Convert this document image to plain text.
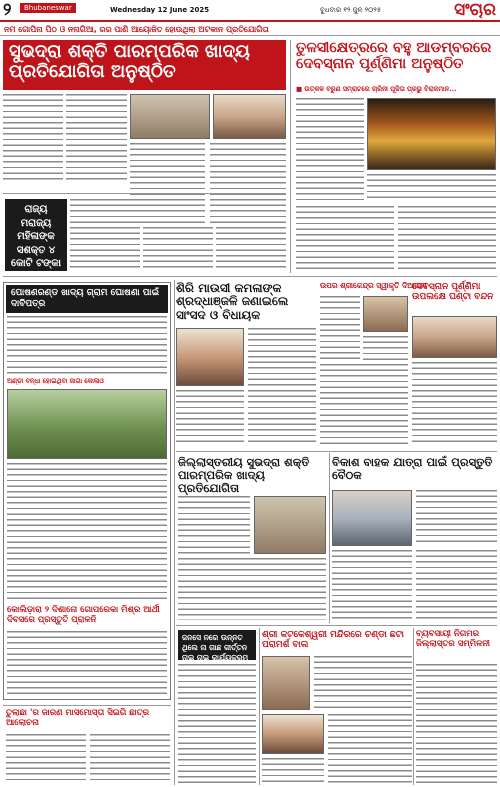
୨	Bhubaneswar	Wednesday 12 June 2025	ବୁଧବାର ୧୨ ଜୁନ ୨୦୨୫	ସଂଚାର
ନମ ଗୋପିନା ପିଠ ଓ ନନାଗିଆ, ରର ପାଣି ଆୟୋଜିତ ହୋଉଥିଲା ଅଟକାନ ପ୍ରତିଯୋଗିତା
ସୁଭଦ୍ରା ଶକ୍ତି ପାରମ୍ପରିକ ଖାଦ୍ୟ ପ୍ରତିଯୋଗିତା ଅନୁଷ୍ଠିତ
ରାଜ୍ୟ ମରାଜ୍ୟ ମହିଳାଙ୍କ ସଶକ୍ତ ୪ କୋଟି ଟଙ୍କା
ତୁଳସୀକ୍ଷେତ୍ରରେ ବହୁ ଆଡମ୍ବରରେ ଦେବସ୍ନାନ ପୂର୍ଣ୍ଣିମା ଅନୁଷ୍ଠିତ
■ ଉତ୍କଳ ବରୁଣ ସମ୍ରାଟରେ ଚାରିନୀ ପୂଜିତା ପ୍ରଭୁ ବିରାଜମାନ...
ପୋଷଣରଣ୍ଡ ଖାଦ୍ୟ ଗ୍ରାମ ଘୋଷଣା ପାଇଁ ଦାବିପତ୍ର
ଅଣ୍ଡା ବନ୍ଧା ହୋଇଥିବା ଜାଗା କୋଳାଓ
କୋଲିଡ଼ାରା ୨ ଦିଶାନୋ ଗୋପରେକା ମିଶ୍ର ଆର୍ଥୀ ଦିବସରେ ପ୍ରସ୍ତୁତି ପ୍ରାଳନି
ତୁଲାଛା 'ର ଜାରଣ ମାସମୋସ୍ତା ସିଇଗି ଛାତ୍ର ଆଲୋଚନା
ଶିରି ମାଉସୀ କମଳାଙ୍କ ଶ୍ରଦ୍ଧାଞ୍ଜଳି ଜଣାଇଲେ ସାଂସଦ ଓ ବିଧାୟକ
ଉପର ଶ୍ରୀକେନ୍ଦ୍ର ସ୍ୱୀକୃତି ଦିଆଗଲା
ଦେବସ୍ନାନ ପୂର୍ଣ୍ଣିମା ଉପଲକ୍ଷେ ଘଣ୍ଟା ବନ୍ଦନ
ଜିଲ୍ଲାସ୍ତରୀୟ ସୁଭଦ୍ରା ଶକ୍ତି ପାରମ୍ପରିକ ଖାଦ୍ୟ ପ୍ରତିଯୋଗିତା
ବିକାଶ ବାହକ ଯାତ୍ରା ପାଇଁ ପ୍ରସ୍ତୁତି ବୈଠକ
ଜନସେ ନରେ ଉନ୍ନତ ଥିଲେ ନା ଗାଛ କୀର୍ତ୍ତନ ନାଇ ନାଇ କାର୍ଯ୍ୟକ୍ରମ
ଶ୍ରୀ କଟକେଶ୍ୱରୀ ମନ୍ଦିରରେ ଚଣ୍ଡା ଛଟା ପରାମର୍ଶ ବାଲ
ବ୍ୟବସାୟୀ ନିଗମର ଜିଲ୍ଲାସ୍ତର ସମ୍ମିଳନୀ
